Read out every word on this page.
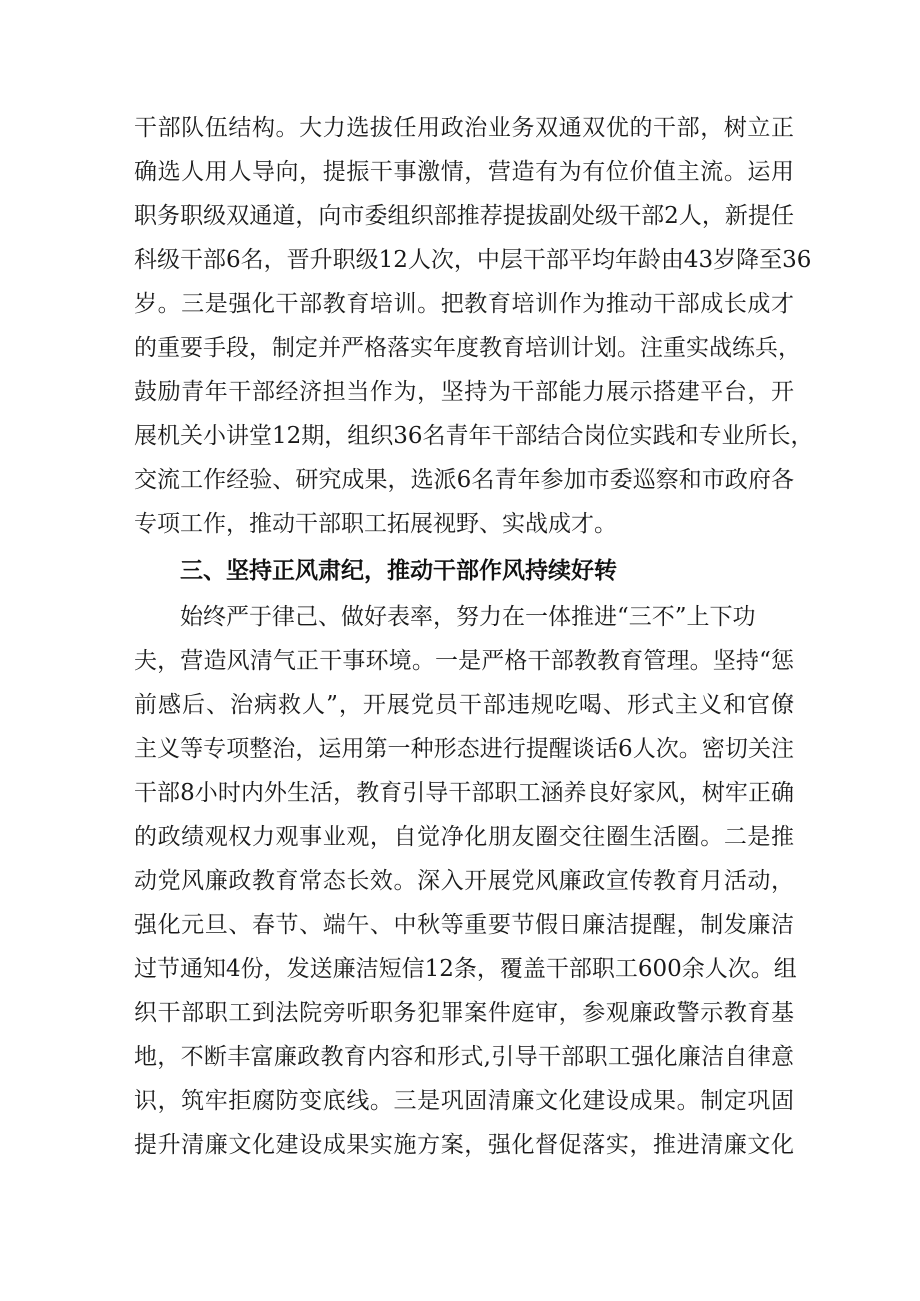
干部队伍结构。大力选拔任用政治业务双通双优的干部，树立正
确选人用人导向，提振干事激情，营造有为有位价值主流。运用
职务职级双通道，向市委组织部推荐提拔副处级干部2人，新提任
科级干部6名，晋升职级12人次，中层干部平均年龄由43岁降至36
岁。三是强化干部教育培训。把教育培训作为推动干部成长成才
的重要手段，制定并严格落实年度教育培训计划。注重实战练兵，
鼓励青年干部经济担当作为，坚持为干部能力展示搭建平台，开
展机关小讲堂12期，组织36名青年干部结合岗位实践和专业所长，
交流工作经验、研究成果，选派6名青年参加市委巡察和市政府各
专项工作，推动干部职工拓展视野、实战成才。
三、坚持正风肃纪，推动干部作风持续好转
始终严于律己、做好表率，努力在一体推进“三不”上下功
夫，营造风清气正干事环境。一是严格干部教教育管理。坚持“惩
前感后、治病救人”，开展党员干部违规吃喝、形式主义和官僚
主义等专项整治，运用第一种形态进行提醒谈话6人次。密切关注
干部8小时内外生活，教育引导干部职工涵养良好家风，树牢正确
的政绩观权力观事业观，自觉净化朋友圈交往圈生活圈。二是推
动党风廉政教育常态长效。深入开展党风廉政宣传教育月活动，
强化元旦、春节、端午、中秋等重要节假日廉洁提醒，制发廉洁
过节通知4份，发送廉洁短信12条，覆盖干部职工600余人次。组
织干部职工到法院旁听职务犯罪案件庭审，参观廉政警示教育基
地，不断丰富廉政教育内容和形式,引导干部职工强化廉洁自律意
识，筑牢拒腐防变底线。三是巩固清廉文化建设成果。制定巩固
提升清廉文化建设成果实施方案，强化督促落实，推进清廉文化
